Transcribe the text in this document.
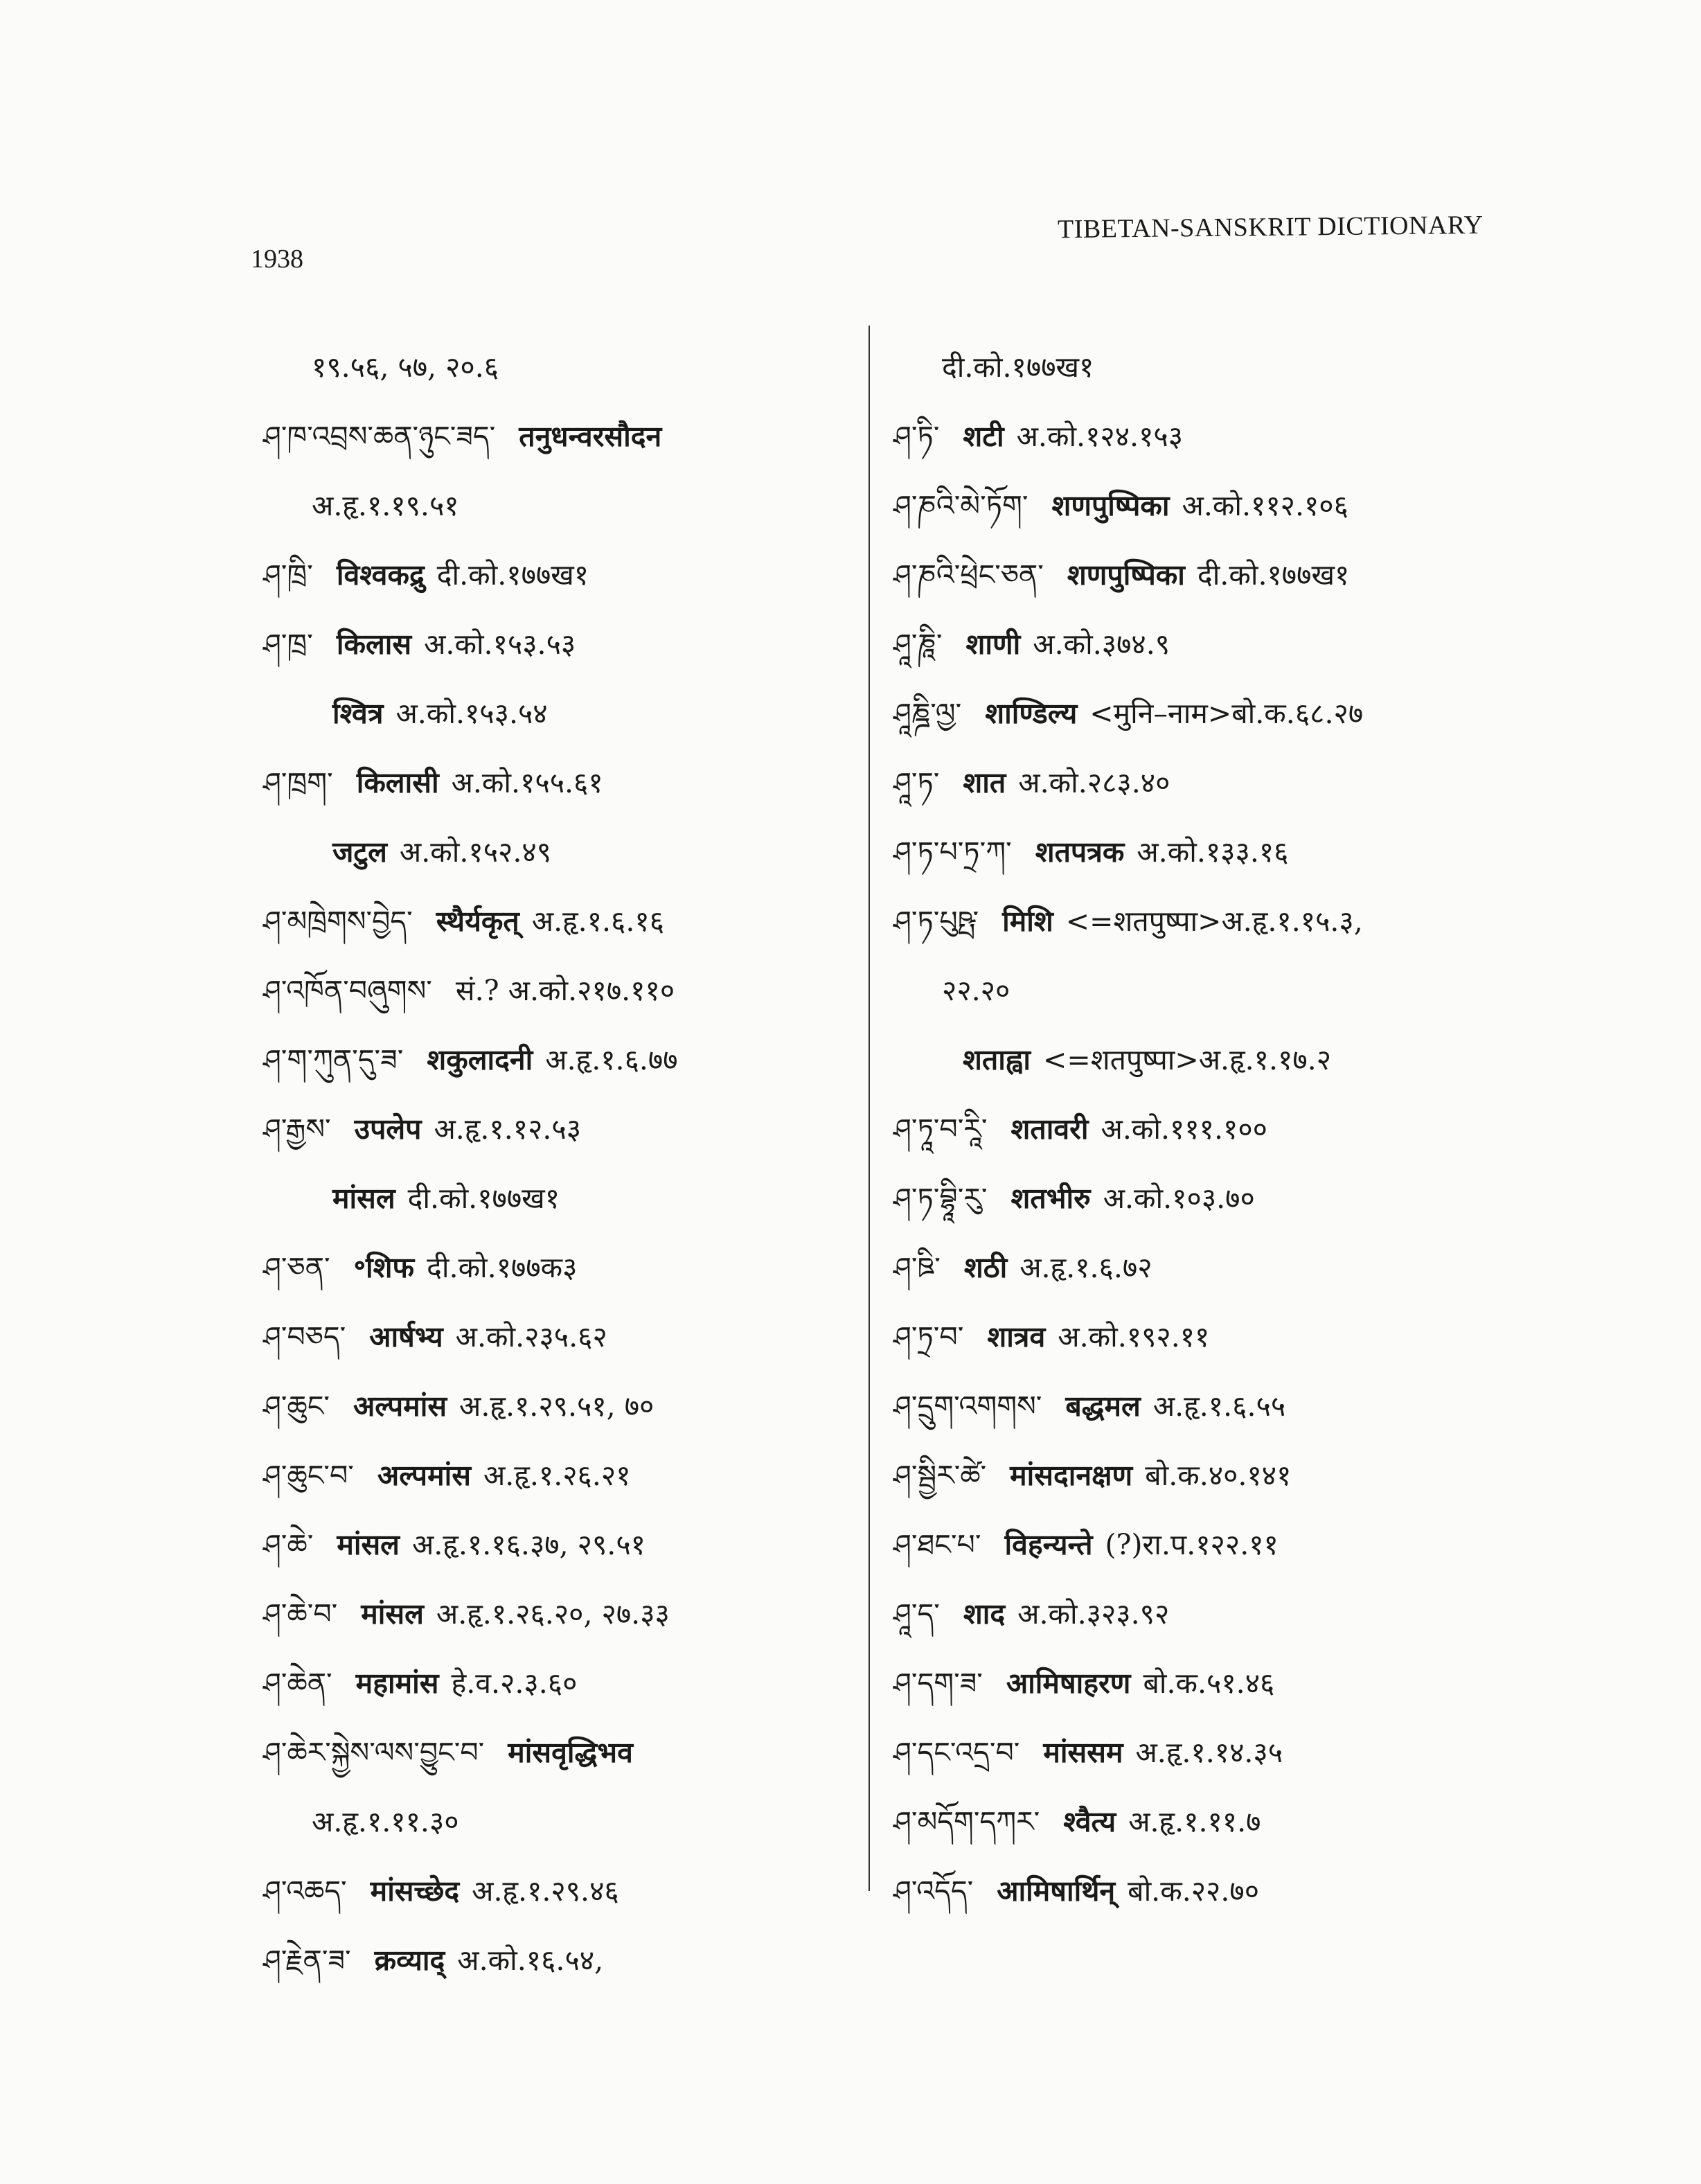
1938
TIBETAN-SANSKRIT DICTIONARY
१९.५६, ५७, २०.६
ཤ་ཁ་འབྲས་ཆན་ཉུང་ཟད་ तनुधन्वरसौदन
अ.हृ.१.१९.५१
ཤ་ཁྲི་ विश्वकद्रु दी.को.१७७ख१
ཤ་ཁྲ་ किलास अ.को.१५३.५३
श्वित्र अ.को.१५३.५४
ཤ་ཁྲག་ किलासी अ.को.१५५.६१
जटुल अ.को.१५२.४९
ཤ་མཁྲེགས་བྱེད་ स्थैर्यकृत् अ.हृ.१.६.१६
ཤ་འཁོན་བཞུགས་ सं.? अ.को.२१७.११०
ཤ་ག་ཀུན་དུ་ཟ་ शकुलादनी अ.हृ.१.६.७७
ཤ་རྒྱས་ उपलेप अ.हृ.१.१२.५३
मांसल दी.को.१७७ख१
ཤ་ཅན་ ॰शिफ दी.को.१७७क३
ཤ་བཅད་ आर्षभ्य अ.को.२३५.६२
ཤ་ཆུང་ अल्पमांस अ.हृ.१.२९.५१, ७०
ཤ་ཆུང་བ་ अल्पमांस अ.हृ.१.२६.२१
ཤ་ཆེ་ मांसल अ.हृ.१.१६.३७, २९.५१
ཤ་ཆེ་བ་ मांसल अ.हृ.१.२६.२०, २७.३३
ཤ་ཆེན་ महामांस हे.व.२.३.६०
ཤ་ཆེར་སྐྱེས་ལས་བྱུང་བ་ मांसवृद्धिभव
अ.हृ.१.११.३०
ཤ་འཆད་ मांसच्छेद अ.हृ.१.२९.४६
ཤ་རྗེན་ཟ་ क्रव्याद् अ.को.१६.५४,
दी.को.१७७ख१
ཤ་ཏི་ शटी अ.को.१२४.१५३
ཤ་ཎའི་མེ་ཏོག་ शणपुष्पिका अ.को.११२.१०६
ཤ་ཎའི་ཕྲེང་ཅན་ शणपुष्पिका दी.को.१७७ख१
ཤཱ་ཎཱི་ शाणी अ.को.३७४.९
ཤཱཎྜི་ལྱ་ शाण्डिल्य <मुनि–नाम>बो.क.६८.२७
ཤཱ་ཏ་ शात अ.को.२८३.४०
ཤ་ཏ་པ་ཏྲ་ཀ་ शतपत्रक अ.को.१३३.१६
ཤ་ཏ་པུཥྤ་ मिशि <=शतपुष्पा>अ.हृ.१.१५.३,
२२.२०
शताह्वा <=शतपुष्पा>अ.हृ.१.१७.२
ཤ་ཏཱ་བ་རཱི་ शतावरी अ.को.१११.१००
ཤ་ཏ་བྷཱི་རུ་ शतभीरु अ.को.१०३.७०
ཤ་ཋི་ शठी अ.हृ.१.६.७२
ཤ་ཏྲ་བ་ शात्रव अ.को.१९२.११
ཤ་དྲུག་འགགས་ बद्धमल अ.हृ.१.६.५५
ཤ་སྦྱིར་ཚེ་ मांसदानक्षण बो.क.४०.१४१
ཤ་ཐང་པ་ विहन्यन्ते (?)रा.प.१२२.११
ཤཱ་ད་ शाद अ.को.३२३.९२
ཤ་དག་ཟ་ आमिषाहरण बो.क.५१.४६
ཤ་དང་འདྲ་བ་ मांससम अ.हृ.१.१४.३५
ཤ་མདོག་དཀར་ श्वैत्य अ.हृ.१.११.७
ཤ་འདོད་ आमिषार्थिन् बो.क.२२.७०
